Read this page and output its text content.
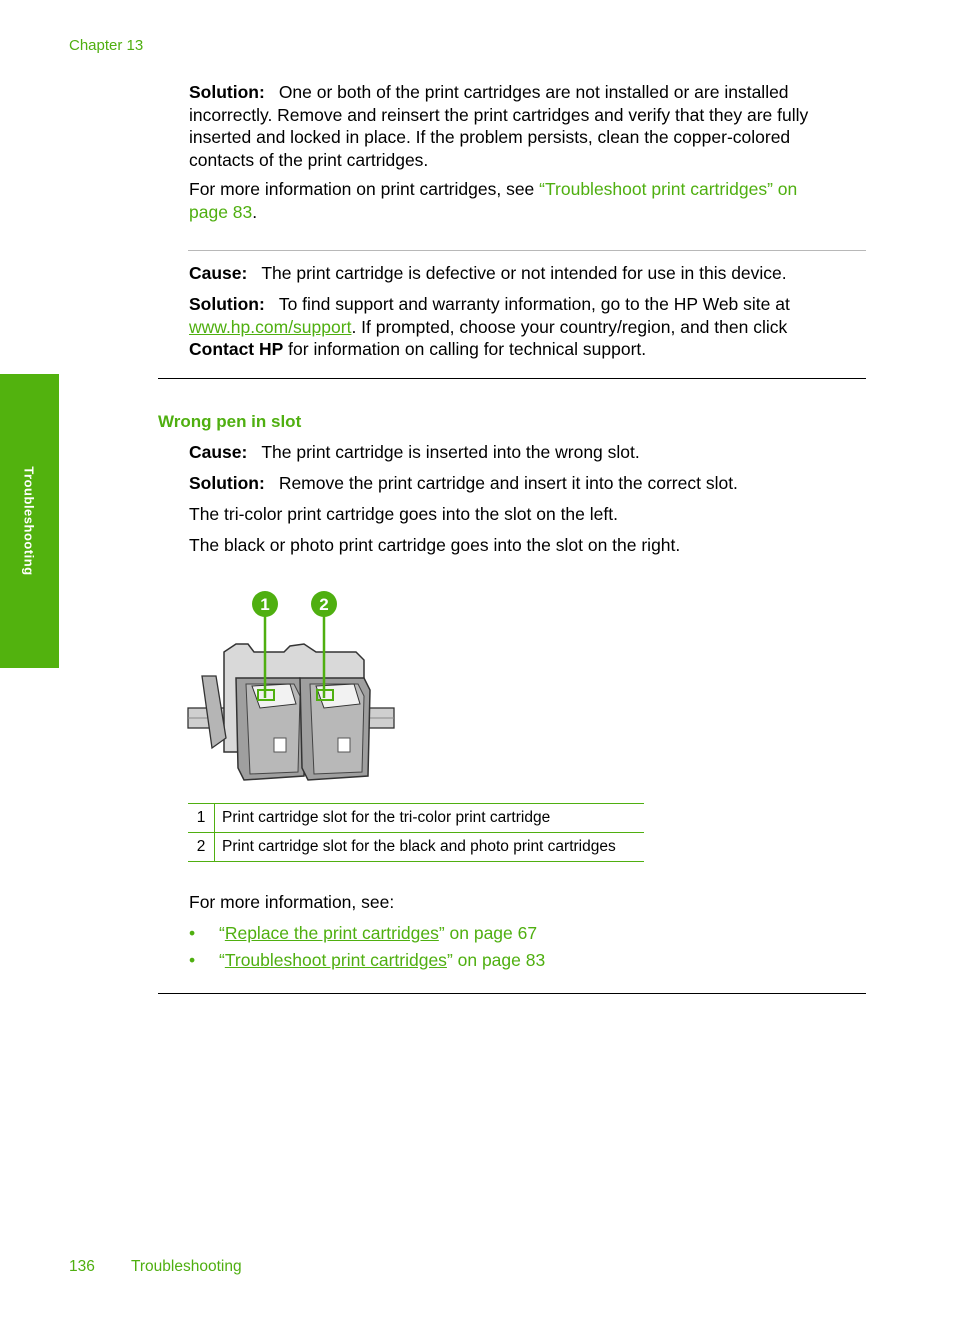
Chapter 13
Troubleshooting
Solution: One or both of the print cartridges are not installed or are installed incorrectly. Remove and reinsert the print cartridges and verify that they are fully inserted and locked in place. If the problem persists, clean the copper-colored contacts of the print cartridges.
For more information on print cartridges, see “Troubleshoot print cartridges” on page 83.
Cause: The print cartridge is defective or not intended for use in this device.
Solution: To find support and warranty information, go to the HP Web site at www.hp.com/support. If prompted, choose your country/region, and then click Contact HP for information on calling for technical support.
Wrong pen in slot
Cause: The print cartridge is inserted into the wrong slot.
Solution: Remove the print cartridge and insert it into the correct slot.
The tri-color print cartridge goes into the slot on the left.
The black or photo print cartridge goes into the slot on the right.
1	2
1	Print cartridge slot for the tri-color print cartridge
2	Print cartridge slot for the black and photo print cartridges
For more information, see:
• “Replace the print cartridges” on page 67
• “Troubleshoot print cartridges” on page 83
136 Troubleshooting
